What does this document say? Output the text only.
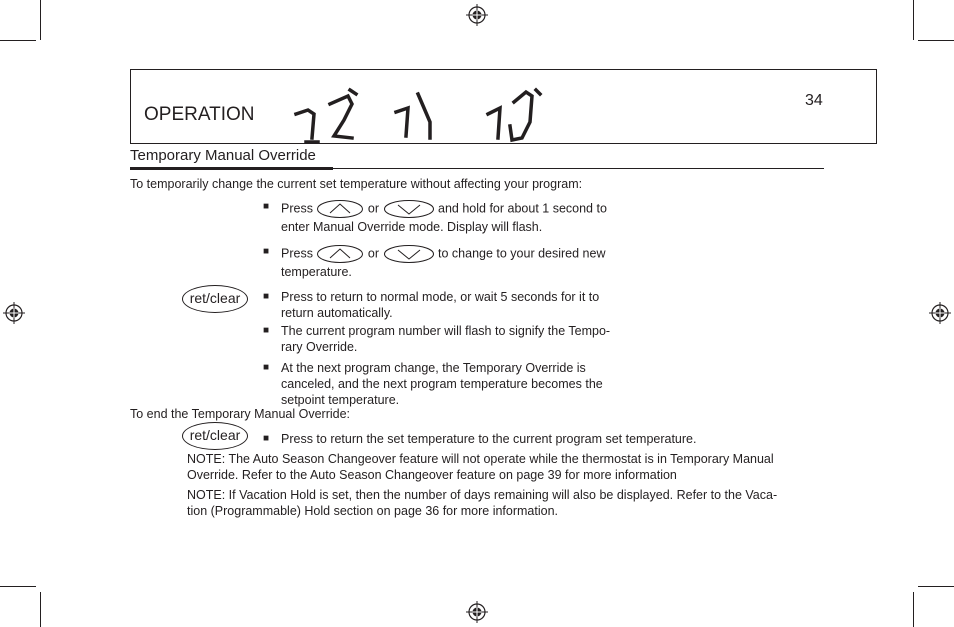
OPERATION
34
Temporary Manual Override
To temporarily change the current set temperature without affecting your program:
■ Press	or	and hold for about 1 second to
enter Manual Override mode. Display will flash.
■ Press	or	to change to your desired new
temperature.
ret/clear	■ Press to return to normal mode, or wait 5 seconds for it to
return automatically.
■ The current program number will flash to signify the Tempo-
rary Override.
■ At the next program change, the Temporary Override is
canceled, and the next program temperature becomes the
setpoint temperature.
To end the Temporary Manual Override:
ret/clear	■ Press to return the set temperature to the current program set temperature.
NOTE: The Auto Season Changeover feature will not operate while the thermostat is in Temporary Manual
Override. Refer to the Auto Season Changeover feature on page 39 for more information
NOTE: If Vacation Hold is set, then the number of days remaining will also be displayed. Refer to the Vaca-
tion (Programmable) Hold section on page 36 for more information.
